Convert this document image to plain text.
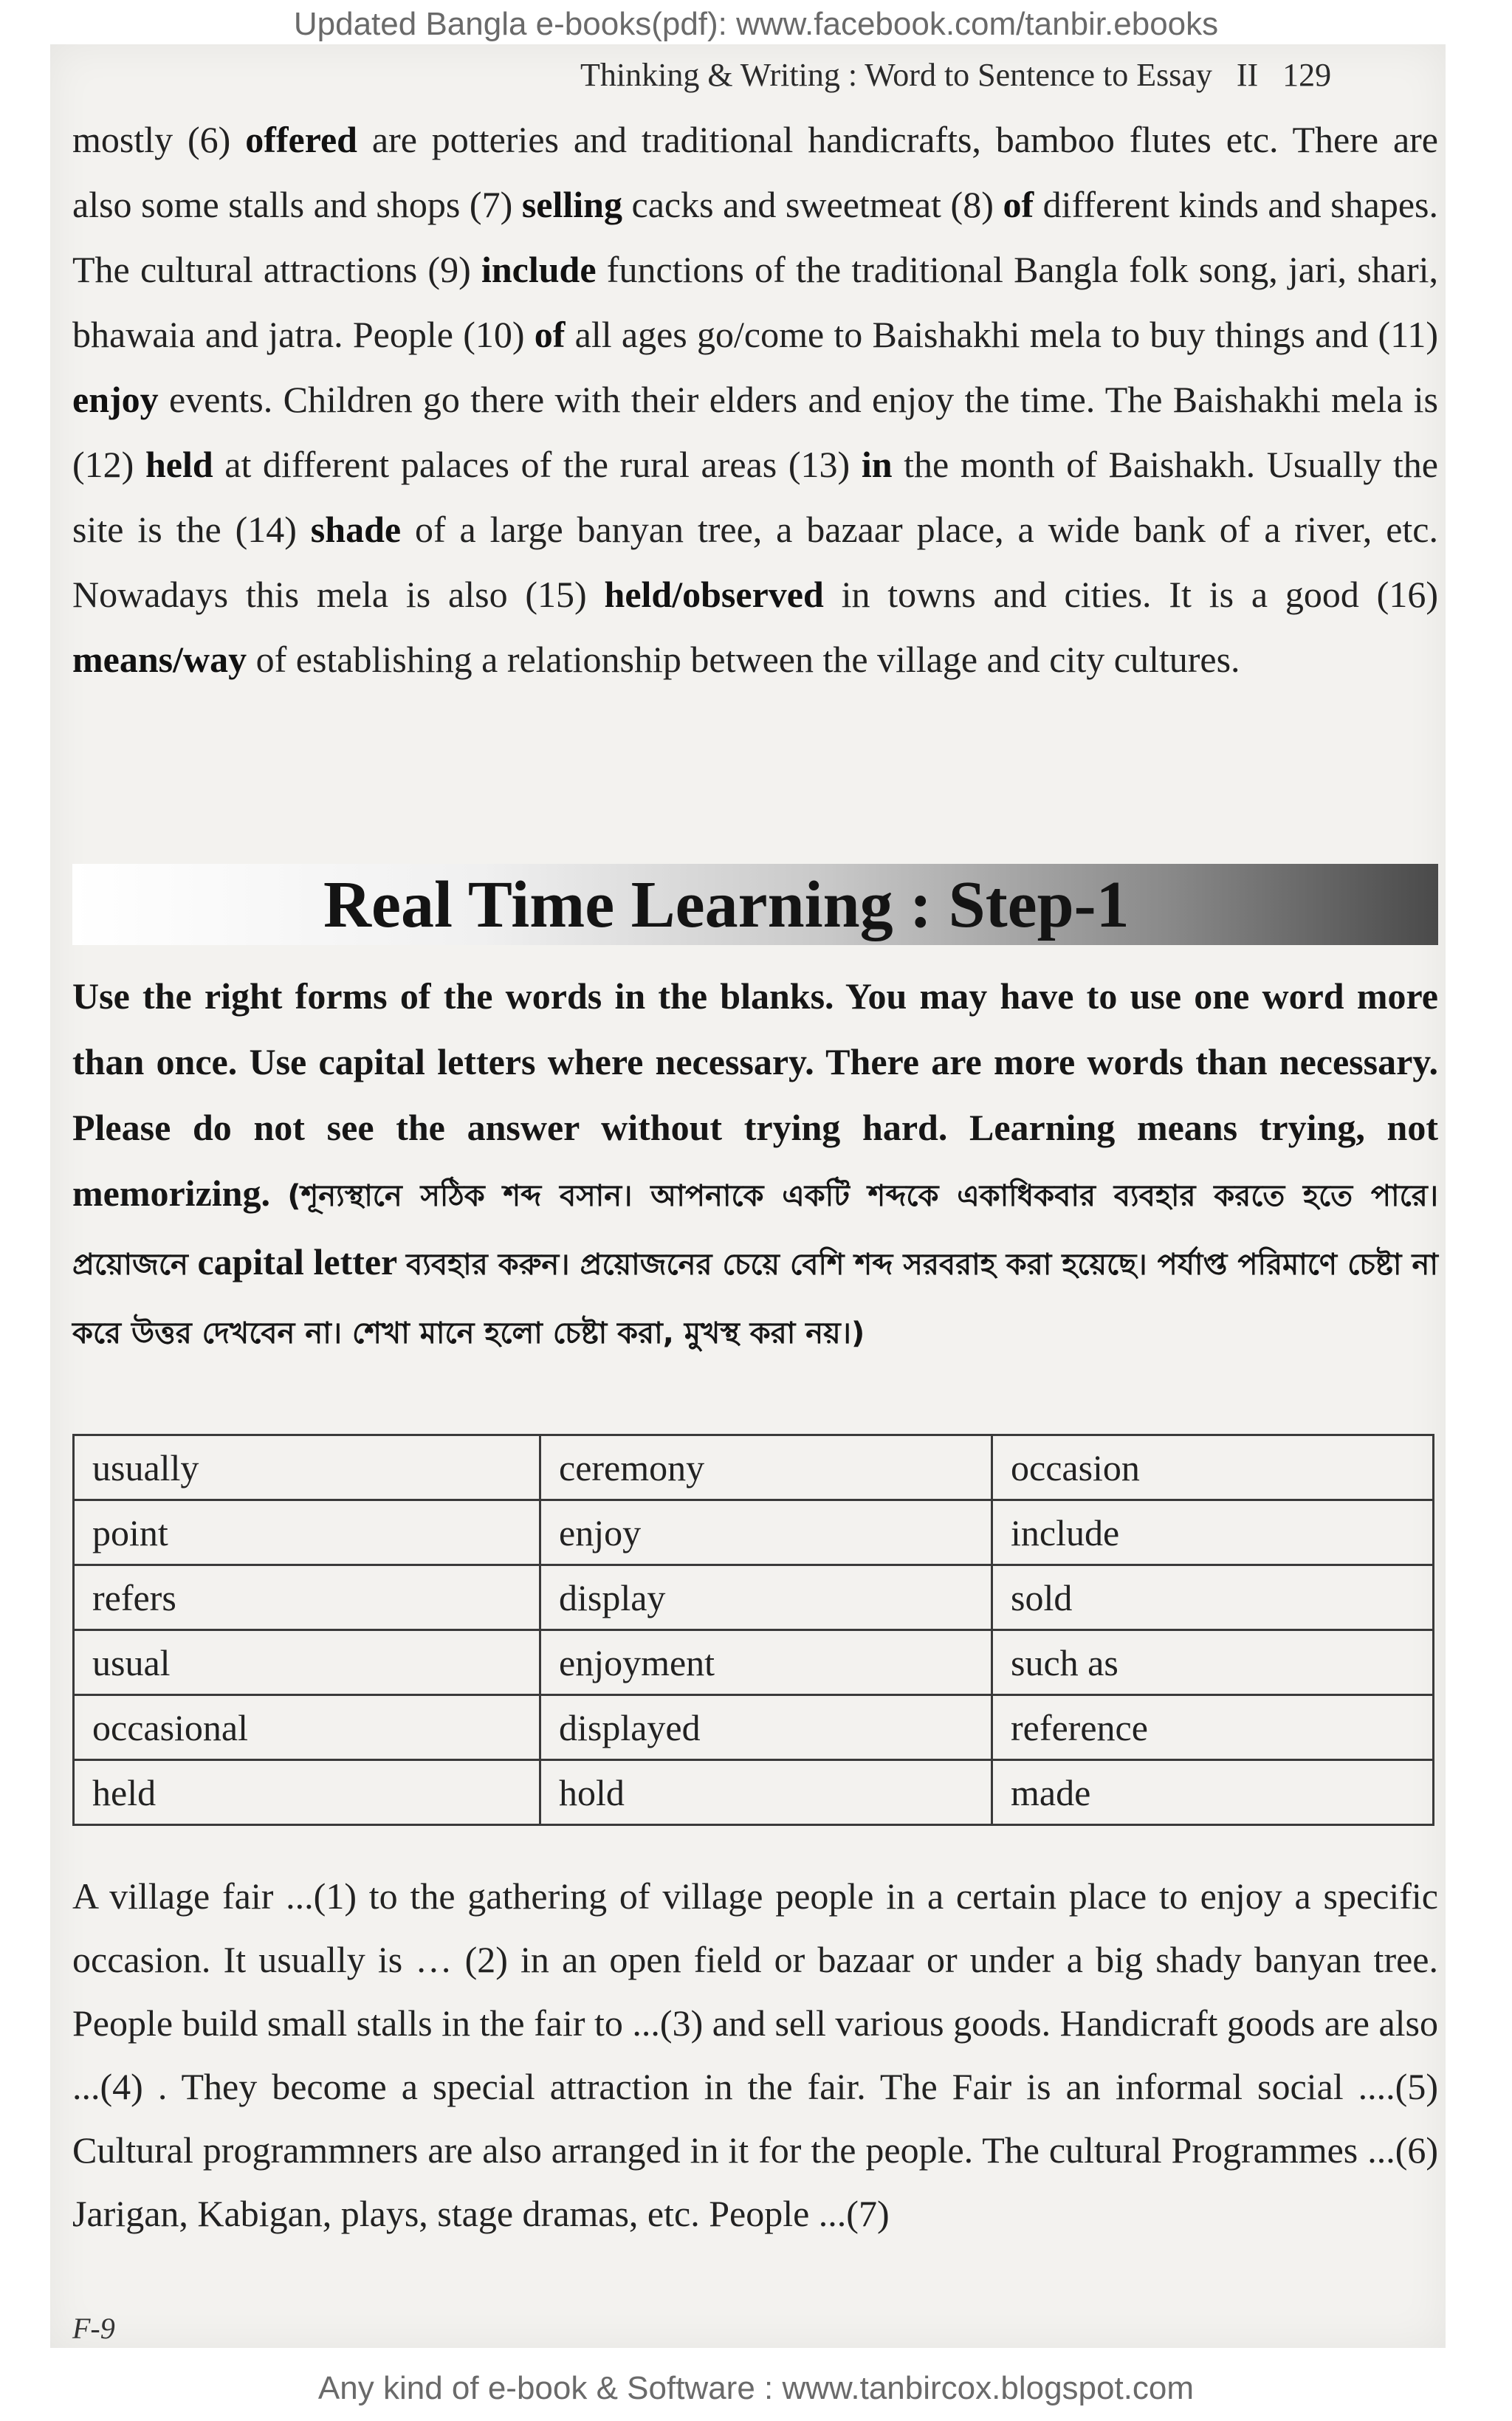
Updated Bangla e-books(pdf): www.facebook.com/tanbir.ebooks
Thinking & Writing : Word to Sentence to Essay II 129
mostly (6) offered are potteries and traditional handicrafts, bamboo flutes etc. There are also some stalls and shops (7) selling cacks and sweetmeat (8) of different kinds and shapes. The cultural attractions (9) include functions of the traditional Bangla folk song, jari, shari, bhawaia and jatra. People (10) of all ages go/come to Baishakhi mela to buy things and (11) enjoy events. Children go there with their elders and enjoy the time. The Baishakhi mela is (12) held at different palaces of the rural areas (13) in the month of Baishakh. Usually the site is the (14) shade of a large banyan tree, a bazaar place, a wide bank of a river, etc. Nowadays this mela is also (15) held/observed in towns and cities. It is a good (16) means/way of establishing a relationship between the village and city cultures.
Real Time Learning : Step-1
Use the right forms of the words in the blanks. You may have to use one word more than once. Use capital letters where necessary. There are more words than necessary. Please do not see the answer without trying hard. Learning means trying, not memorizing. (শূন্যস্থানে সঠিক শব্দ বসান। আপনাকে একটি শব্দকে একাধিকবার ব্যবহার করতে হতে পারে। প্রয়োজনে capital letter ব্যবহার করুন। প্রয়োজনের চেয়ে বেশি শব্দ সরবরাহ করা হয়েছে। পর্যাপ্ত পরিমাণে চেষ্টা না করে উত্তর দেখবেন না। শেখা মানে হলো চেষ্টা করা, মুখস্থ করা নয়।)
usually	ceremony	occasion
point	enjoy	include
refers	display	sold
usual	enjoyment	such as
occasional	displayed	reference
held	hold	made
A village fair ...(1) to the gathering of village people in a certain place to enjoy a specific occasion. It usually is … (2) in an open field or bazaar or under a big shady banyan tree. People build small stalls in the fair to ...(3) and sell various goods. Handicraft goods are also ...(4) . They become a special attraction in the fair. The Fair is an informal social ....(5) Cultural programmners are also arranged in it for the people. The cultural Programmes ...(6) Jarigan, Kabigan, plays, stage dramas, etc. People ...(7)
F-9
Any kind of e-book & Software : www.tanbircox.blogspot.com
